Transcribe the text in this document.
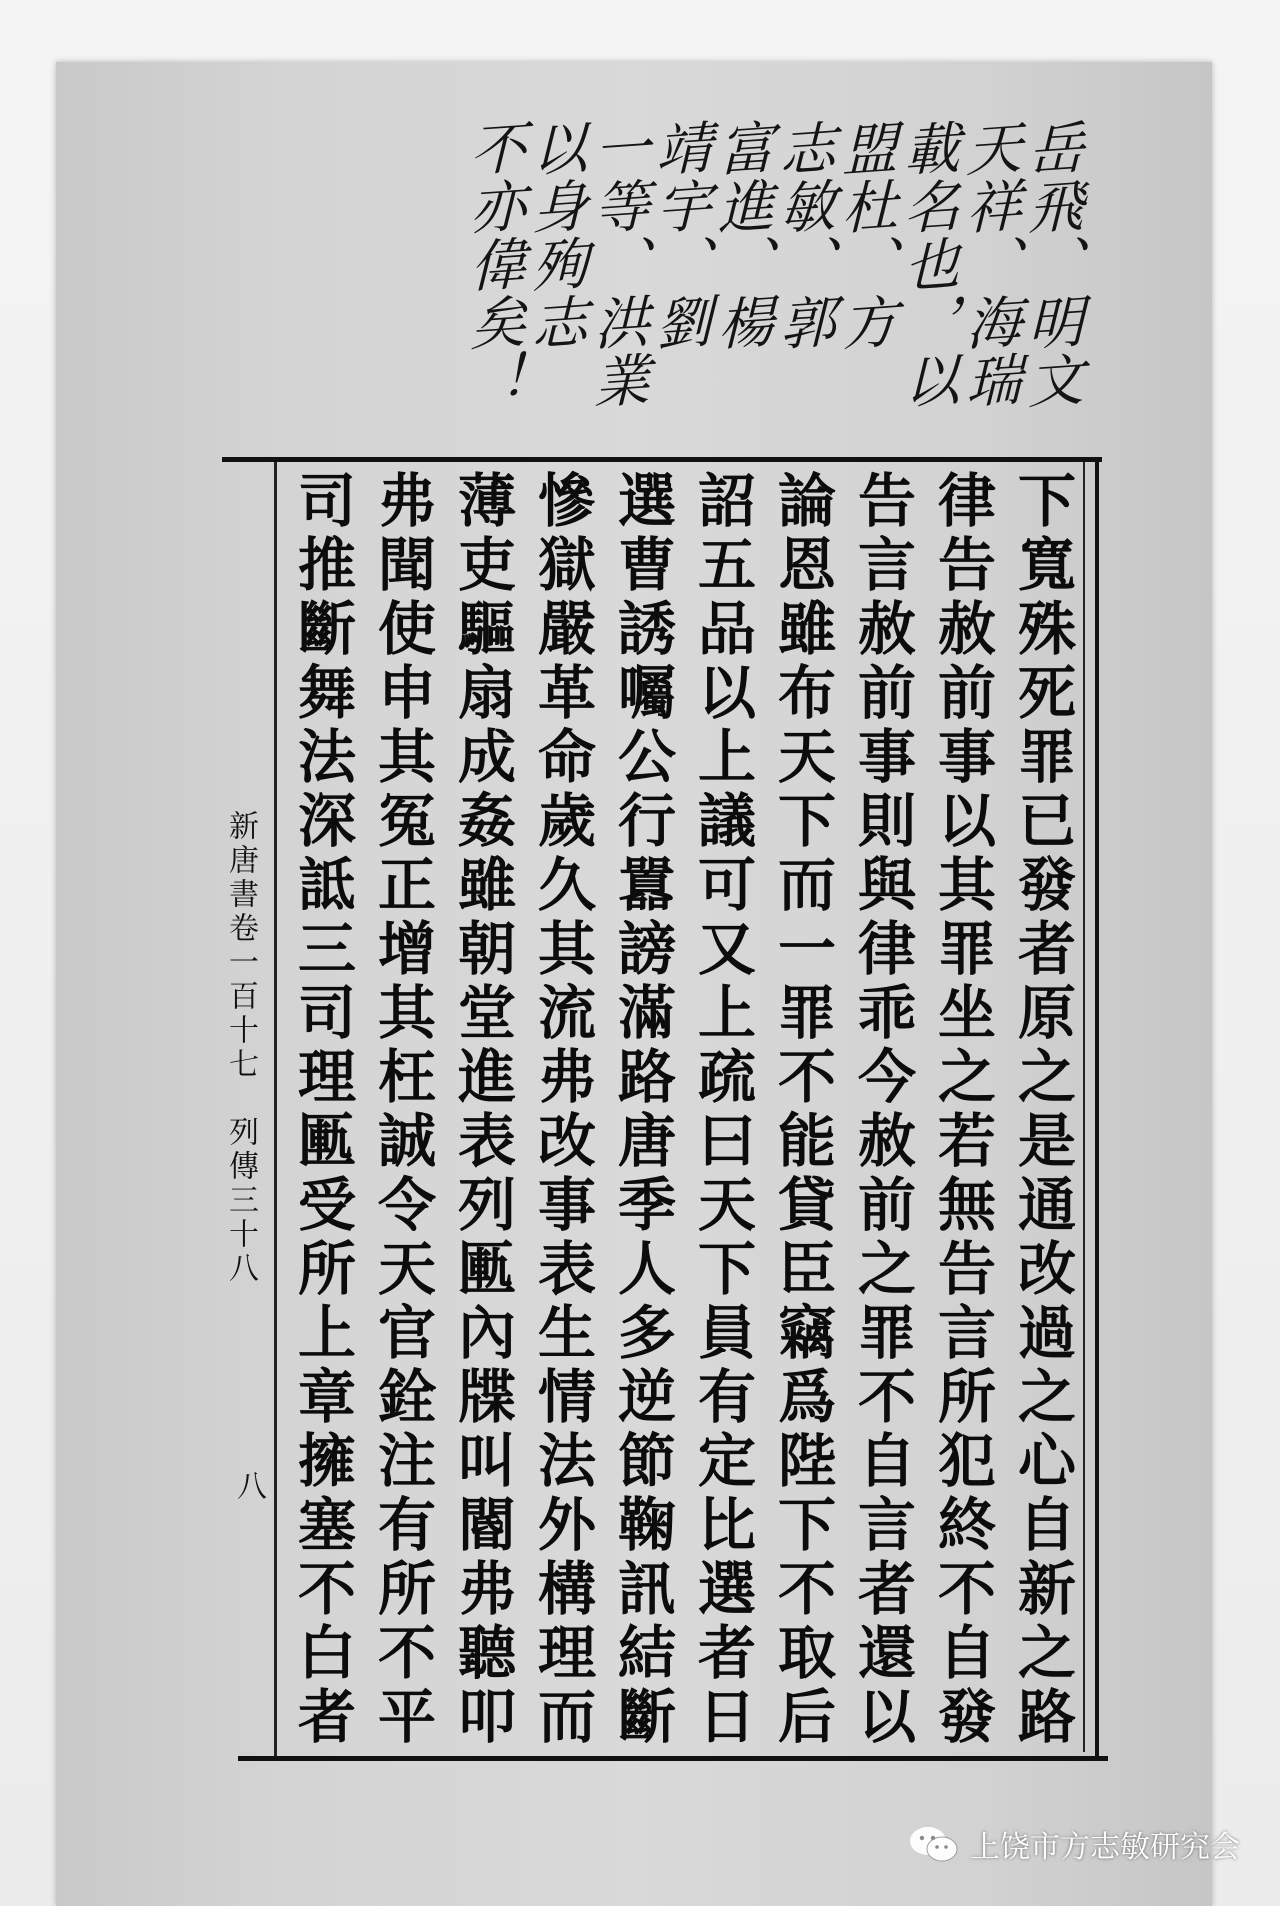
岳飛、明文
天祥、海瑞
載名也，以
盟杜、方
志敏、郭
富進、楊
靖宇、劉
一等、洪業
以身殉志
不亦偉矣！
下寬殊死罪已發者原之是通改過之心自新之路
律告赦前事以其罪坐之若無告言所犯終不自發
告言赦前事則與律乖今赦前之罪不自言者還以
論恩雖布天下而一罪不能貸臣竊爲陛下不取后
詔五品以上議可又上疏曰天下員有定比選者日
選曹誘囑公行囂謗滿路唐季人多逆節鞠訊結斷
慘獄嚴革命歲久其流弗改事表生情法外構理而
薄吏驅扇成姦雖朝堂進表列匭內牒叫閽弗聽叩
弗聞使申其冤正增其枉誠令天官銓注有所不平
司推斷舞法深詆三司理匭受所上章擁塞不白者
新唐書卷一百十七　列傳三十八
八
上饶市方志敏研究会
